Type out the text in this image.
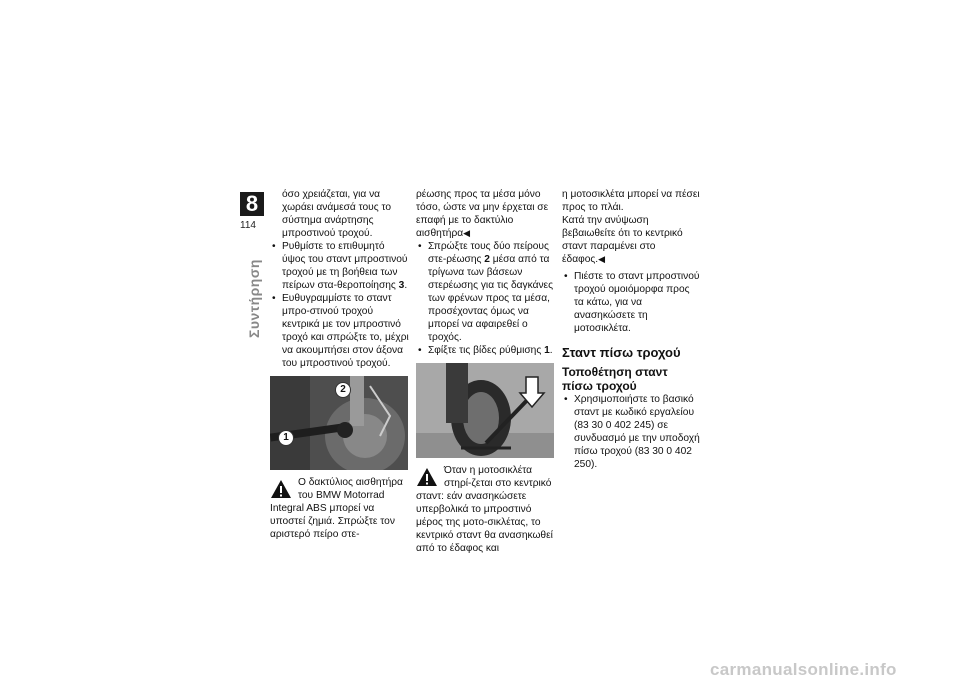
8
114
Συντήρηση

όσο χρειάζεται, για να χωράει ανάμεσά τους το σύστημα ανάρτησης μπροστινού τροχού.

• Ρυθμίστε το επιθυμητό ύψος του σταντ μπροστινού τροχού με τη βοήθεια των πείρων στα-θεροποίησης 3.

• Ευθυγραμμίστε το σταντ μπρο-στινού τροχού κεντρικά με τον μπροστινό τροχό και σπρώξτε το, μέχρι να ακουμπήσει στον άξονα του μπροστινού τροχού.

2
1

Ο δακτύλιος αισθητήρα του BMW Motorrad Integral ABS μπορεί να υποστεί ζημιά. Σπρώξτε τον αριστερό πείρο στε-

ρέωσης προς τα μέσα μόνο τόσο, ώστε να μην έρχεται σε επαφή με το δακτύλιο αισθητήρα◀

• Σπρώξτε τους δύο πείρους στε-ρέωσης 2 μέσα από τα τρίγωνα των βάσεων στερέωσης για τις δαγκάνες των φρένων προς τα μέσα, προσέχοντας όμως να μπορεί να αφαιρεθεί ο τροχός.

• Σφίξτε τις βίδες ρύθμισης 1.

Όταν η μοτοσικλέτα στηρί-ζεται στο κεντρικό σταντ: εάν ανασηκώσετε υπερβολικά το μπροστινό μέρος της μοτο-σικλέτας, το κεντρικό σταντ θα ανασηκωθεί από το έδαφος και

η μοτοσικλέτα μπορεί να πέσει προς το πλάι.

Κατά την ανύψωση βεβαιωθείτε ότι το κεντρικό σταντ παραμένει στο έδαφος.◀

• Πιέστε το σταντ μπροστινού τροχού ομοιόμορφα προς τα κάτω, για να ανασηκώσετε τη μοτοσικλέτα.

Σταντ πίσω τροχού

Τοποθέτηση σταντ πίσω τροχού

• Χρησιμοποιήστε το βασικό σταντ με κωδικό εργαλείου (83 30 0 402 245) σε συνδυασμό με την υποδοχή πίσω τροχού (83 30 0 402 250).

carmanualsonline.info
